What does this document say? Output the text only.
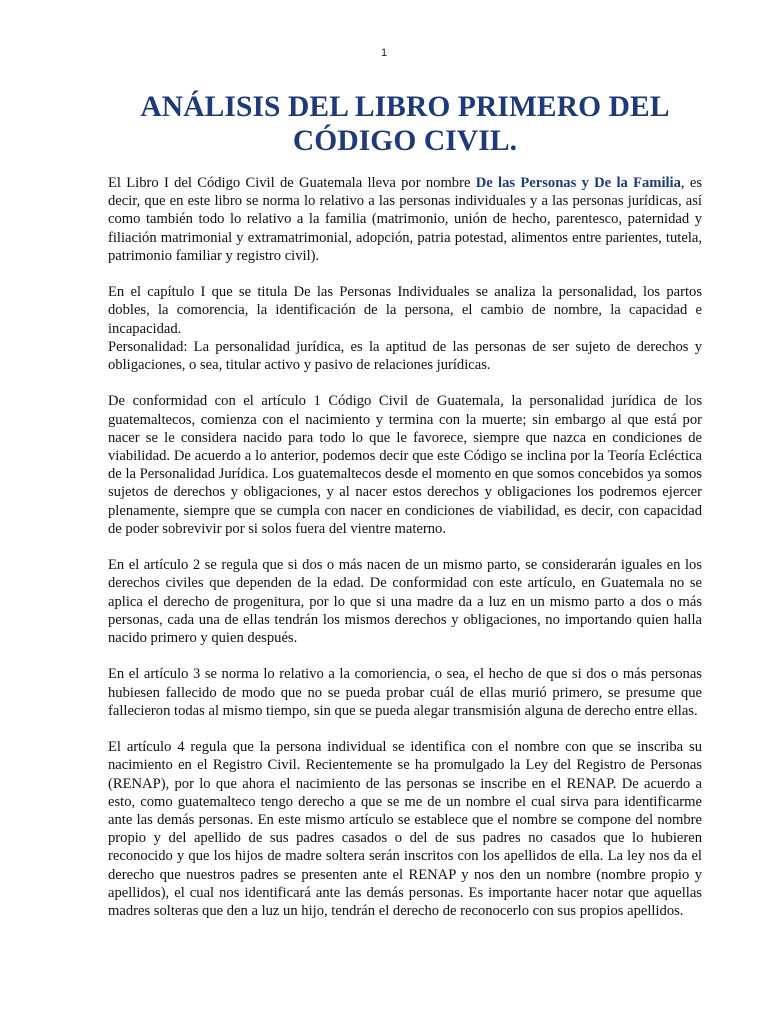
1
ANÁLISIS DEL LIBRO PRIMERO DEL
CÓDIGO CIVIL.

El Libro I del Código Civil de Guatemala lleva por nombre De las Personas y De la Familia, es decir, que en este libro se norma lo relativo a las personas individuales y a las personas jurídicas, así como también todo lo relativo a la familia (matrimonio, unión de hecho, parentesco, paternidad y filiación matrimonial y extramatrimonial, adopción, patria potestad, alimentos entre parientes, tutela, patrimonio familiar y registro civil).

En el capítulo I que se titula De las Personas Individuales se analiza la personalidad, los partos dobles, la comorencia, la identificación de la persona, el cambio de nombre, la capacidad e incapacidad.

Personalidad: La personalidad jurídica, es la aptitud de las personas de ser sujeto de derechos y obligaciones, o sea, titular activo y pasivo de relaciones jurídicas.

De conformidad con el artículo 1 Código Civil de Guatemala, la personalidad jurídica de los guatemaltecos, comienza con el nacimiento y termina con la muerte; sin embargo al que está por nacer se le considera nacido para todo lo que le favorece, siempre que nazca en condiciones de viabilidad. De acuerdo a lo anterior, podemos decir que este Código se inclina por la Teoría Ecléctica de la Personalidad Jurídica. Los guatemaltecos desde el momento en que somos concebidos ya somos sujetos de derechos y obligaciones, y al nacer estos derechos y obligaciones los podremos ejercer plenamente, siempre que se cumpla con nacer en condiciones de viabilidad, es decir, con capacidad de poder sobrevivir por si solos fuera del vientre materno.

En el artículo 2 se regula que si dos o más nacen de un mismo parto, se considerarán iguales en los derechos civiles que dependen de la edad. De conformidad con este artículo, en Guatemala no se aplica el derecho de progenitura, por lo que si una madre da a luz en un mismo parto a dos o más personas, cada una de ellas tendrán los mismos derechos y obligaciones, no importando quien halla nacido primero y quien después.

En el artículo 3 se norma lo relativo a la comoriencia, o sea, el hecho de que si dos o más personas hubiesen fallecido de modo que no se pueda probar cuál de ellas murió primero, se presume que fallecieron todas al mismo tiempo, sin que se pueda alegar transmisión alguna de derecho entre ellas.

El artículo 4 regula que la persona individual se identifica con el nombre con que se inscriba su nacimiento en el Registro Civil. Recientemente se ha promulgado la Ley del Registro de Personas (RENAP), por lo que ahora el nacimiento de las personas se inscribe en el RENAP. De acuerdo a esto, como guatemalteco tengo derecho a que se me de un nombre el cual sirva para identificarme ante las demás personas. En este mismo artículo se establece que el nombre se compone del nombre propio y del apellido de sus padres casados o del de sus padres no casados que lo hubieren reconocido y que los hijos de madre soltera serán inscritos con los apellidos de ella. La ley nos da el derecho que nuestros padres se presenten ante el RENAP y nos den un nombre (nombre propio y apellidos), el cual nos identificará ante las demás personas. Es importante hacer notar que aquellas madres solteras que den a luz un hijo, tendrán el derecho de reconocerlo con sus propios apellidos.
